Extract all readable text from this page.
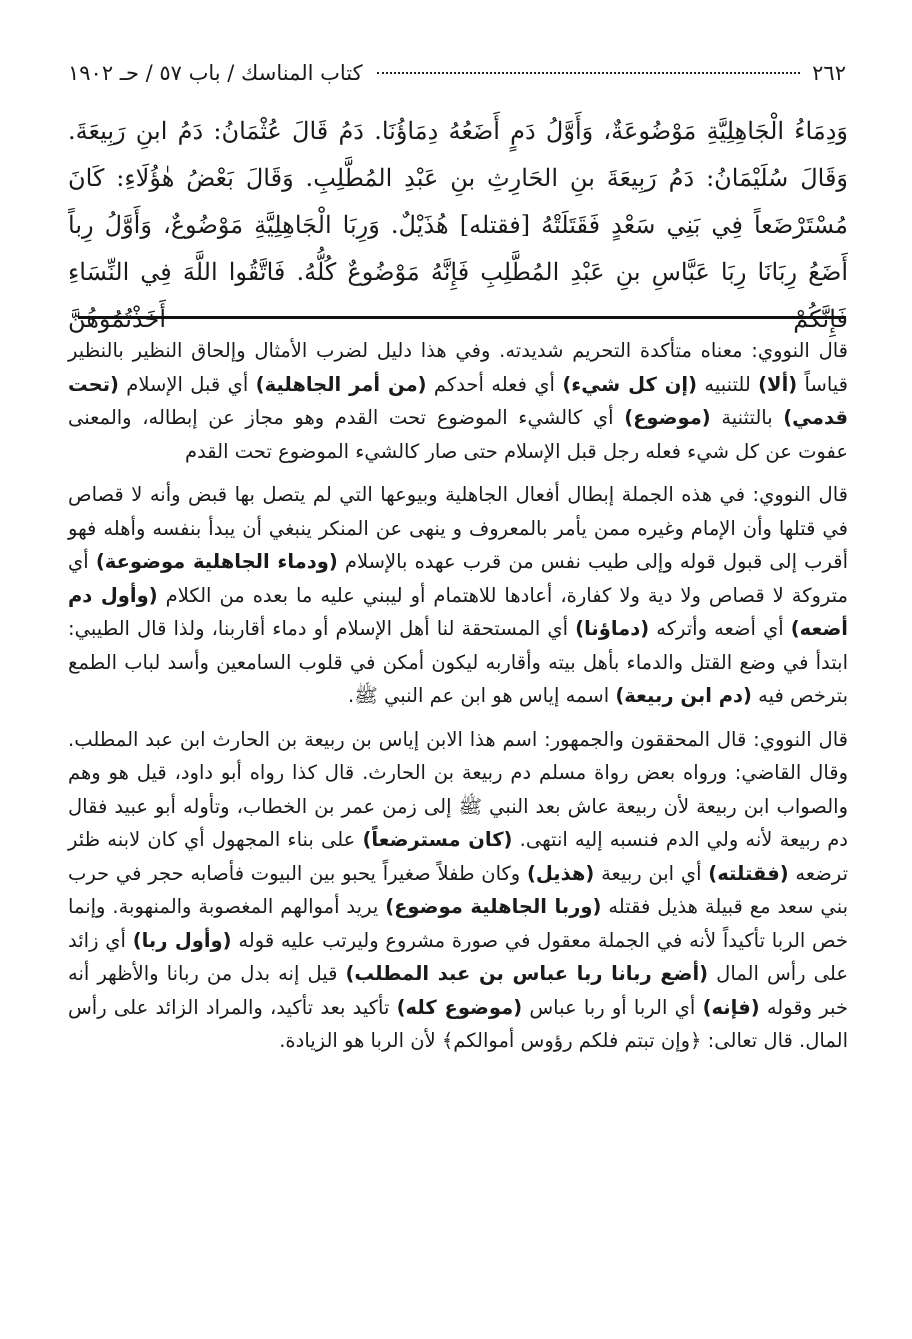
٢٦٢
كتاب المناسك / باب ٥٧ / حـ ١٩٠٢

وَدِمَاءُ الْجَاهِلِيَّةِ مَوْضُوعَةٌ، وَأَوَّلُ دَمٍ أَضَعُهُ دِمَاؤُنَا. دَمُ قَالَ عُثْمَانُ: دَمُ ابنِ رَبِيعَةَ. وَقَالَ سُلَيْمَانُ: دَمُ رَبِيعَةَ بنِ الحَارِثِ بنِ عَبْدِ المُطَّلِبِ. وَقَالَ بَعْضُ هٰؤُلَاءِ: كَانَ مُسْتَرْضَعاً فِي بَنِي سَعْدٍ فَقَتَلَتْهُ [فقتله] هُذَيْلٌ. وَرِبَا الْجَاهِلِيَّةِ مَوْضُوعٌ، وَأَوَّلُ رِباً أَضَعُ رِبَانَا رِبَا عَبَّاسِ بنِ عَبْدِ المُطَّلِبِ فَإِنَّهُ مَوْضُوعٌ كُلُّهُ. فَاتَّقُوا اللَّهَ فِي النِّسَاءِ فَإِنَّكُمْ أَخَذْتُمُوهُنَّ

قال النووي: معناه متأكدة التحريم شديدته. وفي هذا دليل لضرب الأمثال وإلحاق النظير بالنظير قياساً (ألا) للتنبيه (إن كل شيء) أي فعله أحدكم (من أمر الجاهلية) أي قبل الإسلام (تحت قدمي) بالتثنية (موضوع) أي كالشيء الموضوع تحت القدم وهو مجاز عن إبطاله، والمعنى عفوت عن كل شيء فعله رجل قبل الإسلام حتى صار كالشيء الموضوع تحت القدم

قال النووي: في هذه الجملة إبطال أفعال الجاهلية وبيوعها التي لم يتصل بها قبض وأنه لا قصاص في قتلها وأن الإمام وغيره ممن يأمر بالمعروف و ينهى عن المنكر ينبغي أن يبدأ بنفسه وأهله فهو أقرب إلى قبول قوله وإلى طيب نفس من قرب عهده بالإسلام (ودماء الجاهلية موضوعة) أي متروكة لا قصاص ولا دية ولا كفارة، أعادها للاهتمام أو ليبني عليه ما بعده من الكلام (وأول دم أضعه) أي أضعه وأتركه (دماؤنا) أي المستحقة لنا أهل الإسلام أو دماء أقاربنا، ولذا قال الطيبي: ابتدأ في وضع القتل والدماء بأهل بيته وأقاربه ليكون أمكن في قلوب السامعين وأسد لباب الطمع بترخص فيه (دم ابن ربيعة) اسمه إياس هو ابن عم النبي ﷺ.

قال النووي: قال المحققون والجمهور: اسم هذا الابن إياس بن ربيعة بن الحارث ابن عبد المطلب. وقال القاضي: ورواه بعض رواة مسلم دم ربيعة بن الحارث. قال كذا رواه أبو داود، قيل هو وهم والصواب ابن ربيعة لأن ربيعة عاش بعد النبي ﷺ إلى زمن عمر بن الخطاب، وتأوله أبو عبيد فقال دم ربيعة لأنه ولي الدم فنسبه إليه انتهى. (كان مسترضعاً) على بناء المجهول أي كان لابنه ظئر ترضعه (فقتلته) أي ابن ربيعة (هذيل) وكان طفلاً صغيراً يحبو بين البيوت فأصابه حجر في حرب بني سعد مع قبيلة هذيل فقتله (وربا الجاهلية موضوع) يريد أموالهم المغصوبة والمنهوبة. وإنما خص الربا تأكيداً لأنه في الجملة معقول في صورة مشروع وليرتب عليه قوله (وأول ربا) أي زائد على رأس المال (أضع ربانا ربا عباس بن عبد المطلب) قيل إنه بدل من ربانا والأظهر أنه خبر وقوله (فإنه) أي الربا أو ربا عباس (موضوع كله) تأكيد بعد تأكيد، والمراد الزائد على رأس المال. قال تعالى: ﴿وإن تبتم فلكم رؤوس أموالكم﴾ لأن الربا هو الزيادة.
